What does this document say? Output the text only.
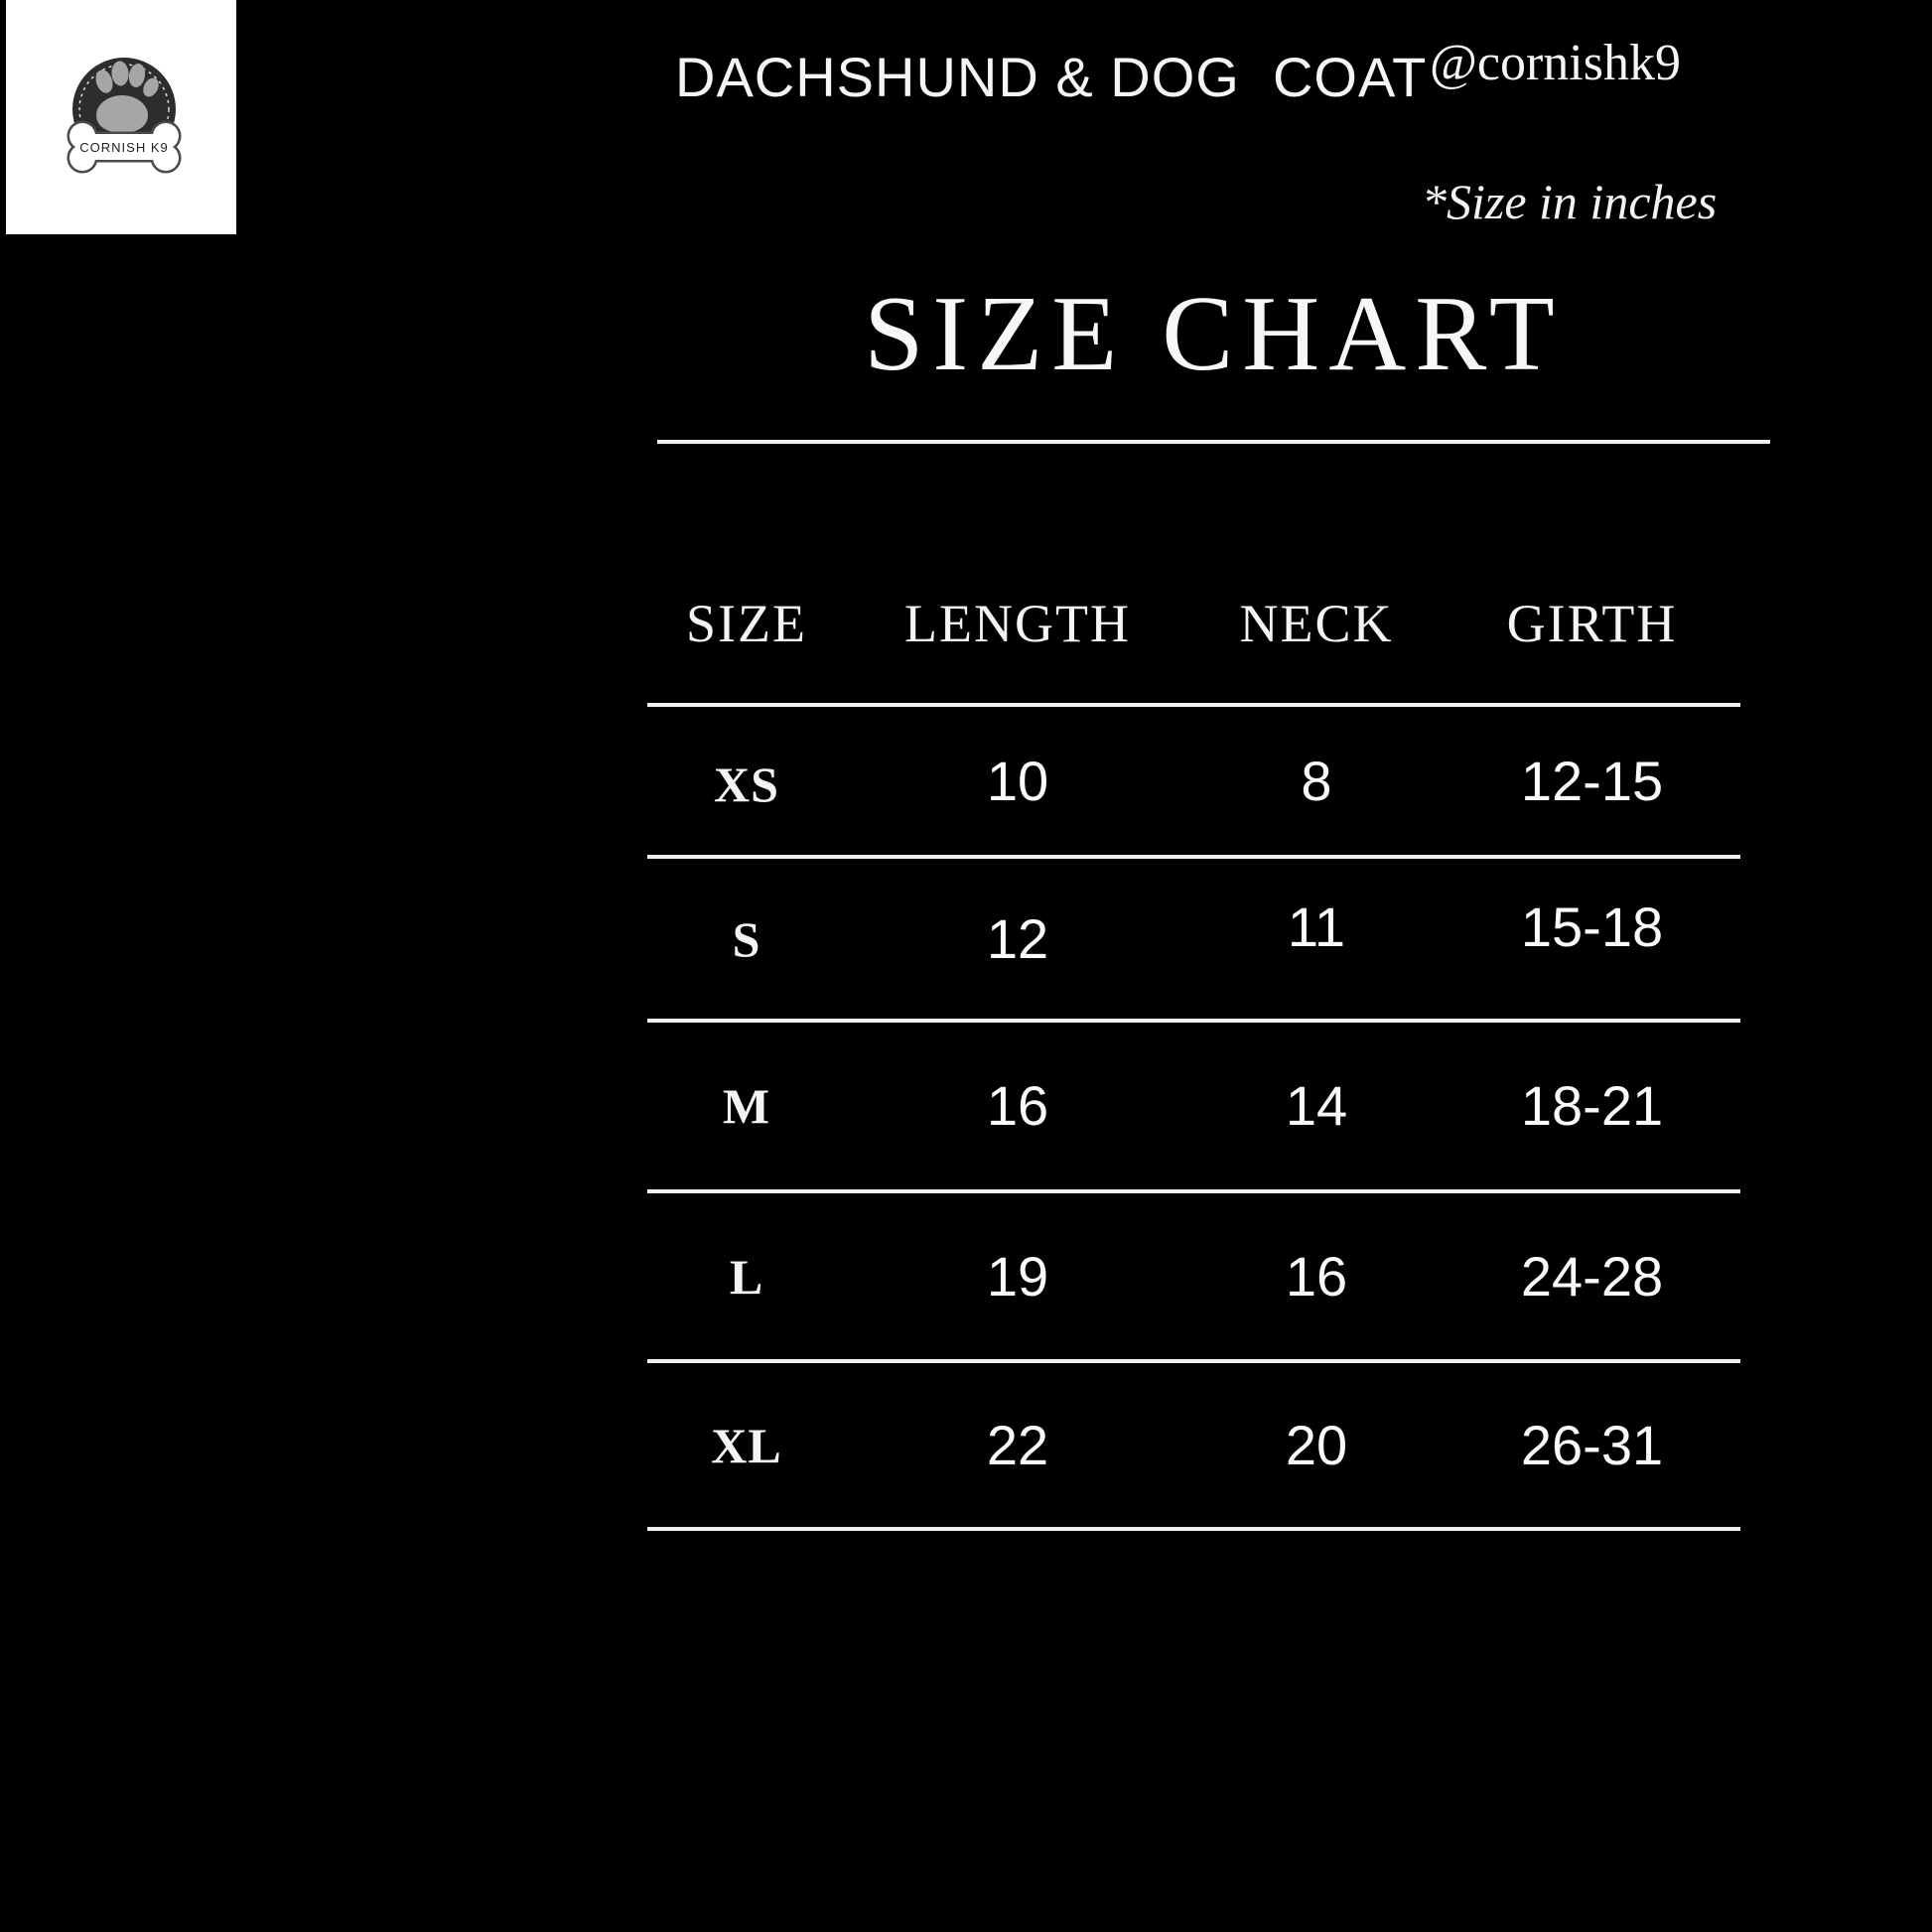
CORNISH K9
DACHSHUND & DOG  COAT @cornishk9
*Size in inches
SIZE CHART
SIZE	LENGTH	NECK	GIRTH
XS	10	8	12-15
S	12	11	15-18
M	16	14	18-21
L	19	16	24-28
XL	22	20	26-31
